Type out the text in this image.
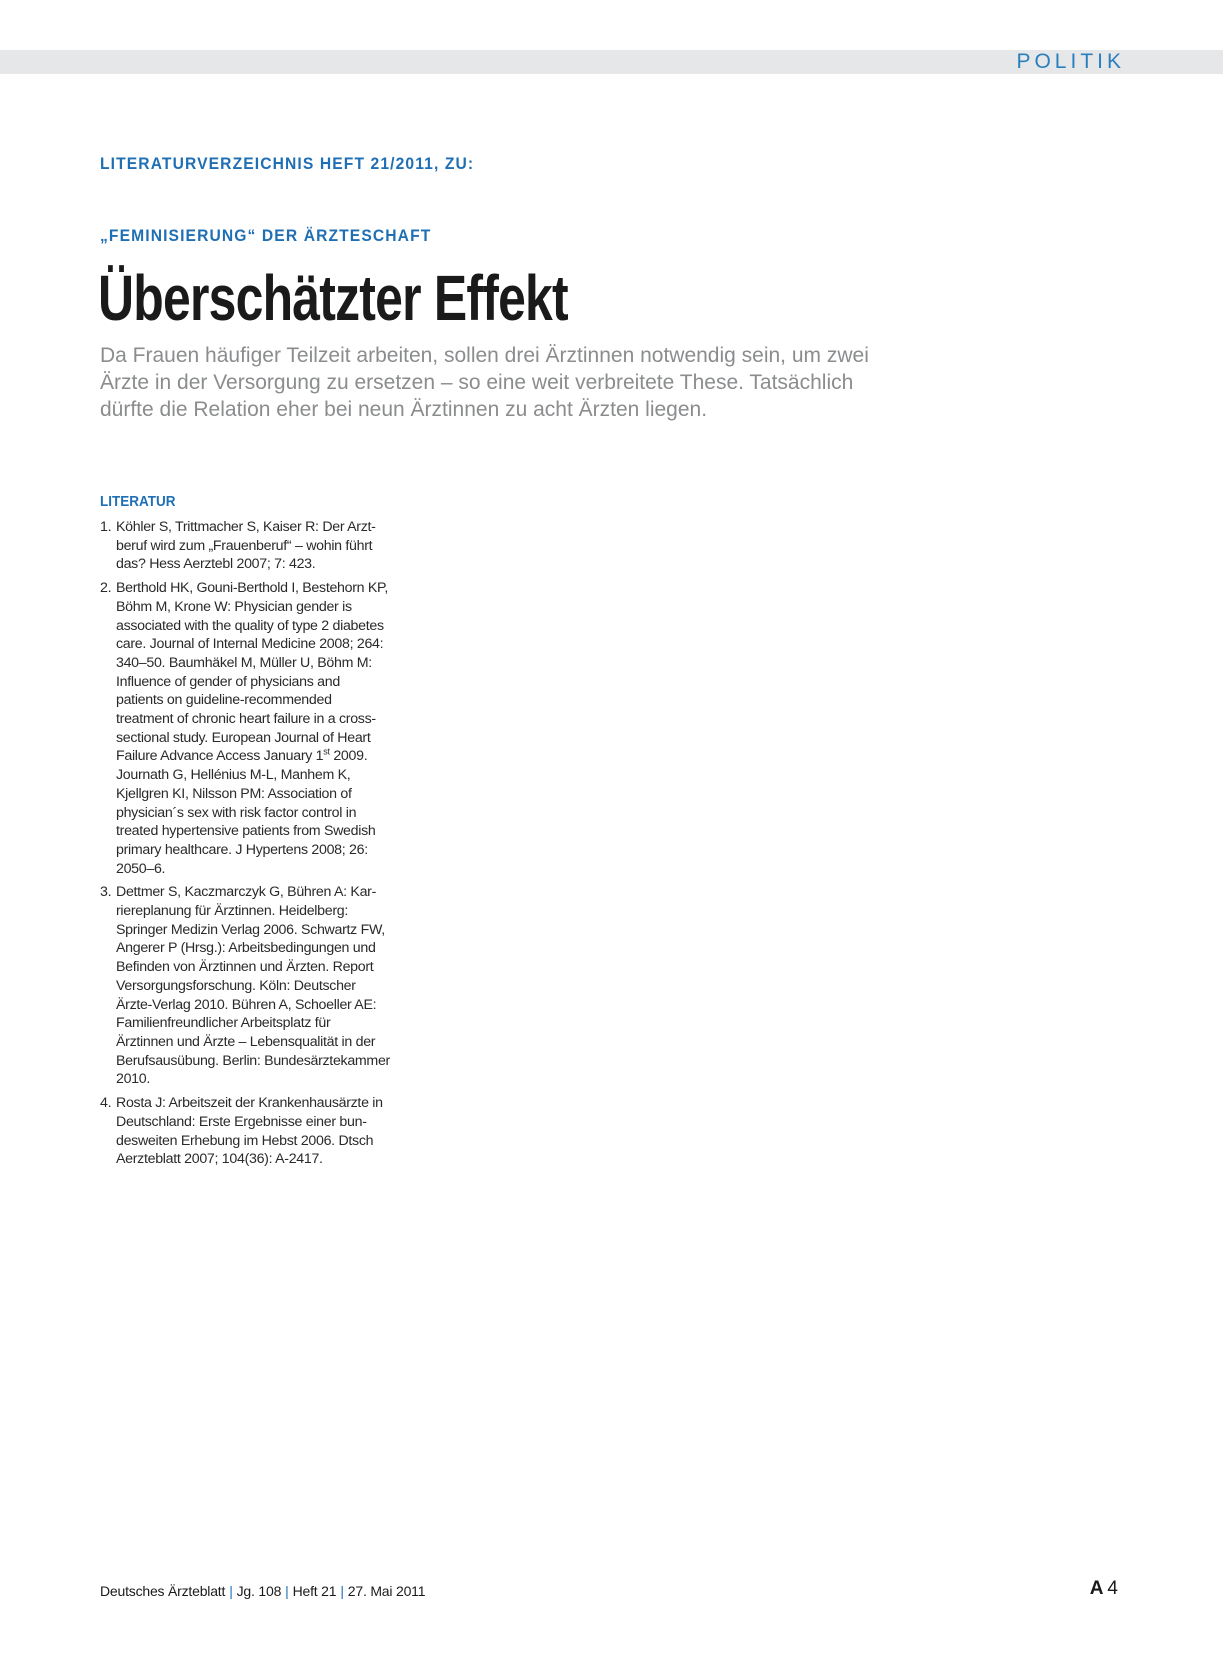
POLITIK
LITERATURVERZEICHNIS HEFT 21/2011, ZU:
„FEMINISIERUNG“ DER ÄRZTESCHAFT
Überschätzter Effekt

Da Frauen häufiger Teilzeit arbeiten, sollen drei Ärztinnen notwendig sein, um zwei Ärzte in der Versorgung zu ersetzen – so eine weit verbreitete These. Tatsächlich dürfte die Relation eher bei neun Ärztinnen zu acht Ärzten liegen.

LITERATUR
1. Köhler S, Trittmacher S, Kaiser R: Der Arztberuf wird zum „Frauenberuf“ – wohin führt das? Hess Aerztebl 2007; 7: 423.
2. Berthold HK, Gouni-Berthold I, Bestehorn KP, Böhm M, Krone W: Physician gender is associated with the quality of type 2 diabetes care. Journal of Internal Medicine 2008; 264: 340–50. Baumhäkel M, Müller U, Böhm M: Influence of gender of physicians and patients on guideline-recommended treatment of chronic heart failure in a cross-sectional study. European Journal of Heart Failure Advance Access January 1st 2009. Journath G, Hellénius M-L, Manhem K, Kjellgren KI, Nilsson PM: Association of physician´s sex with risk factor control in treated hypertensive patients from Swedish primary healthcare. J Hypertens 2008; 26: 2050–6.
3. Dettmer S, Kaczmarczyk G, Bühren A: Karriereplanung für Ärztinnen. Heidelberg: Springer Medizin Verlag 2006. Schwartz FW, Angerer P (Hrsg.): Arbeitsbedingungen und Befinden von Ärztinnen und Ärzten. Report Versorgungsforschung. Köln: Deutscher Ärzte-Verlag 2010. Bühren A, Schoeller AE: Familienfreundlicher Arbeitsplatz für Ärztinnen und Ärzte – Lebensqualität in der Berufsausübung. Berlin: Bundesärztekammer 2010.
4. Rosta J: Arbeitszeit der Krankenhausärzte in Deutschland: Erste Ergebnisse einer bundesweiten Erhebung im Hebst 2006. Dtsch Aerzteblatt 2007; 104(36): A-2417.
Deutsches Ärzteblatt | Jg. 108 | Heft 21 | 27. Mai 2011	A 4
